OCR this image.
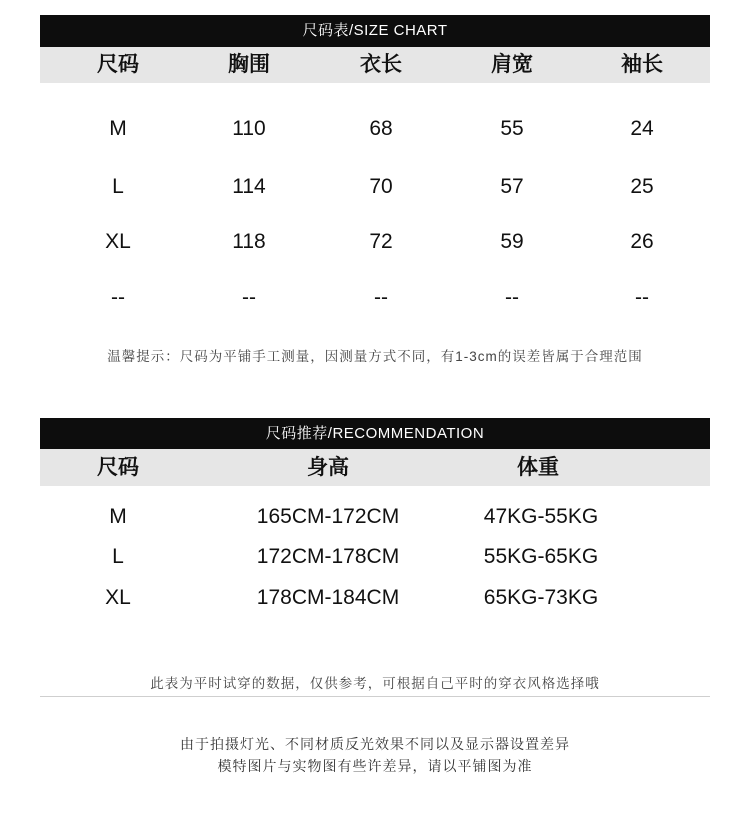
尺码表/SIZE CHART
尺码	胸围	衣长	肩宽	袖长
M	110	68	55	24
L	114	70	57	25
XL	118	72	59	26
--	--	--	--	--
温馨提示：尺码为平铺手工测量，因测量方式不同，有1-3cm的误差皆属于合理范围
尺码推荐/RECOMMENDATION
尺码	身高	体重
M	165CM-172CM	47KG-55KG
L	172CM-178CM	55KG-65KG
XL	178CM-184CM	65KG-73KG
此表为平时试穿的数据，仅供参考，可根据自己平时的穿衣风格选择哦
由于拍摄灯光、不同材质反光效果不同以及显示器设置差异
模特图片与实物图有些许差异，请以平铺图为准
